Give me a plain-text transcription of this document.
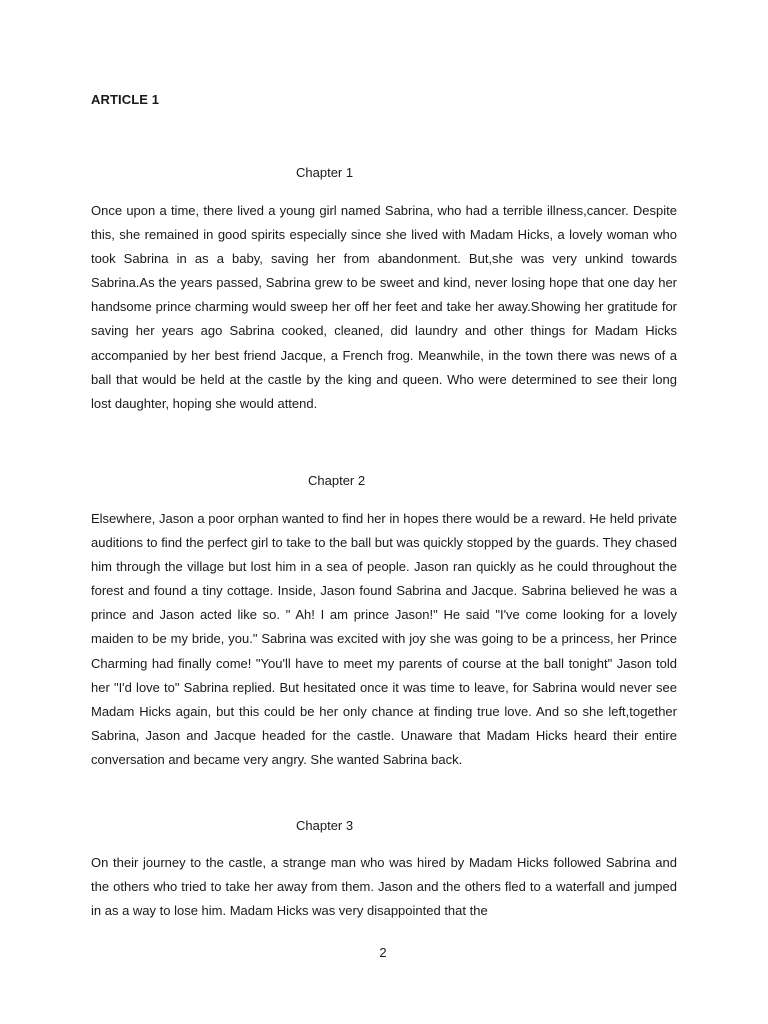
ARTICLE 1

Chapter 1

Once upon a time, there lived a young girl named Sabrina, who had a terrible illness,cancer. Despite this, she remained in good spirits especially since she lived with Madam Hicks, a lovely woman who took Sabrina in as a baby, saving her from abandonment. But,she was very unkind towards Sabrina.As the years passed, Sabrina grew to be sweet and kind, never losing hope that one day her handsome prince charming would sweep her off her feet and take her away.Showing her gratitude for saving her years ago Sabrina cooked, cleaned, did laundry and other things for Madam Hicks accompanied by her best friend Jacque, a French frog. Meanwhile, in the town there was news of a ball that would be held at the castle by the king and queen. Who were determined to see their long lost daughter, hoping she would attend.

Chapter 2

Elsewhere, Jason a poor orphan wanted to find her in hopes there would be a reward. He held private auditions to find the perfect girl to take to the ball but was quickly stopped by the guards. They chased him through the village but lost him in a sea of people. Jason ran quickly as he could throughout the forest and found a tiny cottage. Inside, Jason found Sabrina and Jacque. Sabrina believed he was a prince and Jason acted like so. " Ah! I am prince Jason!" He said "I've come looking for a lovely maiden to be my bride, you." Sabrina was excited with joy she was going to be a princess, her Prince Charming had finally come! "You'll have to meet my parents of course at the ball tonight" Jason told her "I'd love to" Sabrina replied. But hesitated once it was time to leave, for Sabrina would never see Madam Hicks again, but this could be her only chance at finding true love. And so she left,together Sabrina, Jason and Jacque headed for the castle. Unaware that Madam Hicks heard their entire conversation and became very angry. She wanted Sabrina back.

Chapter 3

On their journey to the castle, a strange man who was hired by Madam Hicks followed Sabrina and the others who tried to take her away from them. Jason and the others fled to a waterfall and jumped in as a way to lose him. Madam Hicks was very disappointed that the

2
